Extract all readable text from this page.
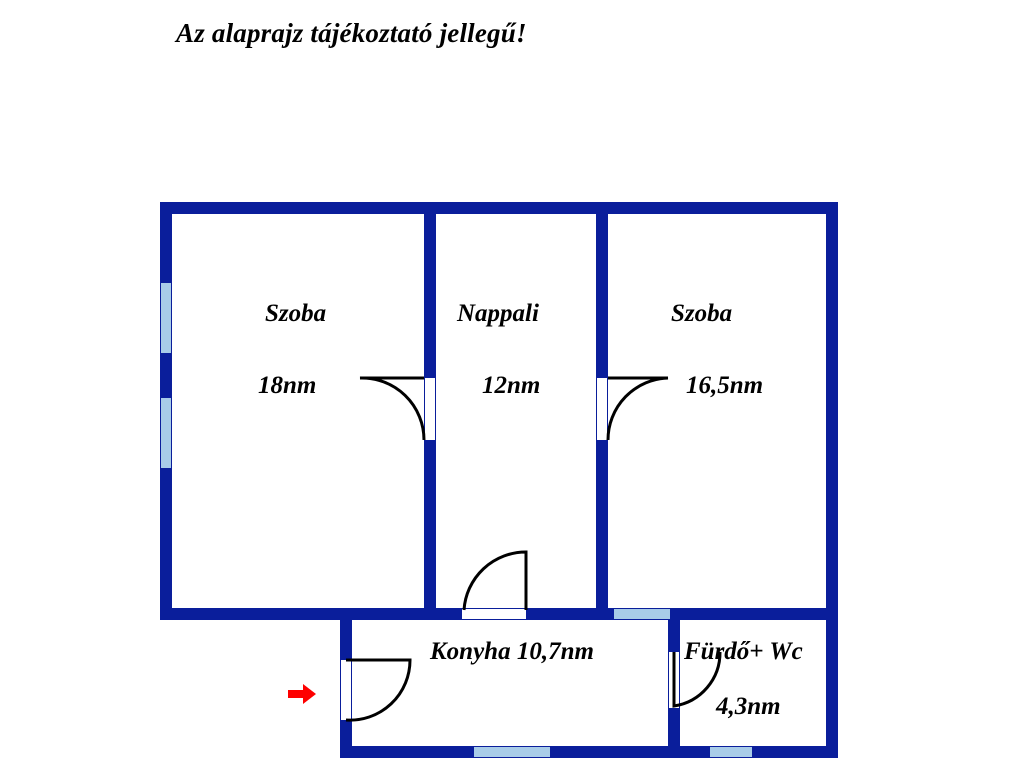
Az alaprajz tájékoztató jellegű!
Szoba
18nm
Nappali
12nm
Szoba
16,5nm
Konyha 10,7nm	Fürdő+ Wc
4,3nm
